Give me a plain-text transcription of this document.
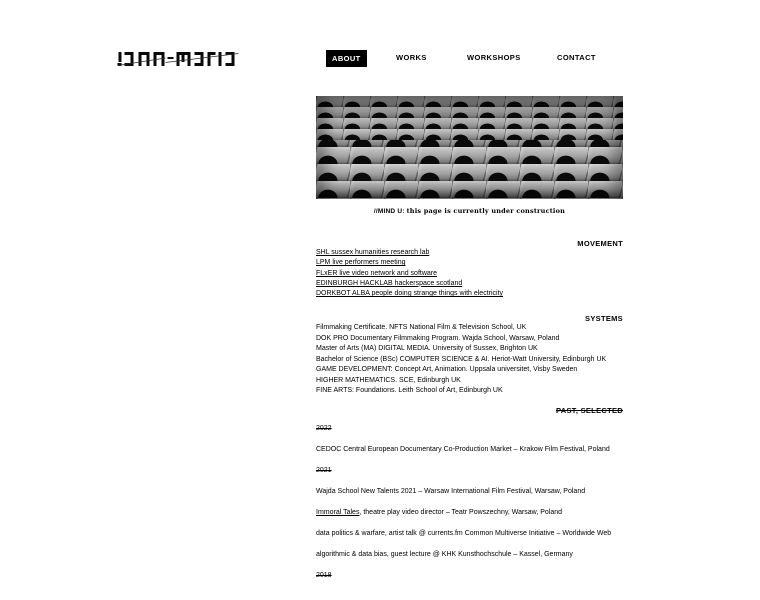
ABOUT	WORKS	WORKSHOPS	CONTACT
//MIND U: this page is currently under construction
MOVEMENT
SHL sussex humanities research lab
LPM live performers meeting
FLxER live video network and software
EDINBURGH HACKLAB hackerspace scotland
DORKBOT ALBA people doing strange things with electricity
SYSTEMS
Filmmaking Certificate. NFTS National Film & Television School, UK
DOK PRO Documentary Filmmaking Program. Wajda School, Warsaw, Poland
Master of Arts (MA) DIGITAL MEDIA. University of Sussex, Brighton UK
Bachelor of Science (BSc) COMPUTER SCIENCE & AI. Heriot-Watt University, Edinburgh UK
GAME DEVELOPMENT: Concept Art, Animation. Uppsala universitet, Visby Sweden
HIGHER MATHEMATICS. SCE, Edinburgh UK
FINE ARTS: Foundations. Leith School of Art, Edinburgh UK
PAST, SELECTED
2022
CEDOC Central European Documentary Co-Production Market – Krakow Film Festival, Poland
2021
Wajda School New Talents 2021 – Warsaw International Film Festival, Warsaw, Poland
Immoral Tales, theatre play video director – Teatr Powszechny, Warsaw, Poland
data politics & warfare, artist talk @ currents.fm Common Multiverse Initiative – Worldwide Web
algorithmic & data bias, guest lecture @ KHK Kunsthochschule – Kassel, Germany
2018
